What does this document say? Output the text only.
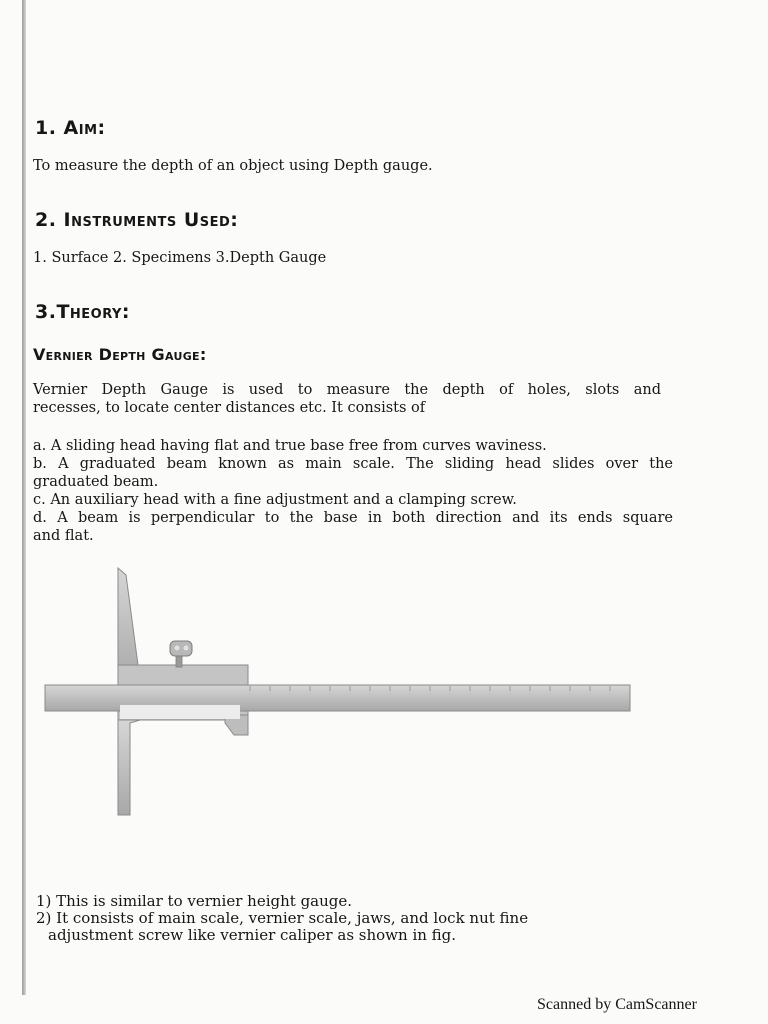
1. Aim:

To measure the depth of an object using Depth gauge.

2. Instruments Used:

1. Surface 2. Specimens 3.Depth Gauge

3.Theory:
Vernier Depth Gauge:

Vernier Depth Gauge is used to measure the depth of holes, slots and
recesses, to locate center distances etc. It consists of

a. A sliding head having flat and true base free from curves waviness.
b. A graduated beam known as main scale. The sliding head slides over the
graduated beam.
c. An auxiliary head with a fine adjustment and a clamping screw.
d. A beam is perpendicular to the base in both direction and its ends square
and flat.

1) This is similar to vernier height gauge.
2) It consists of main scale, vernier scale, jaws, and lock nut fine
adjustment screw like vernier caliper as shown in fig.

Scanned by CamScanner
